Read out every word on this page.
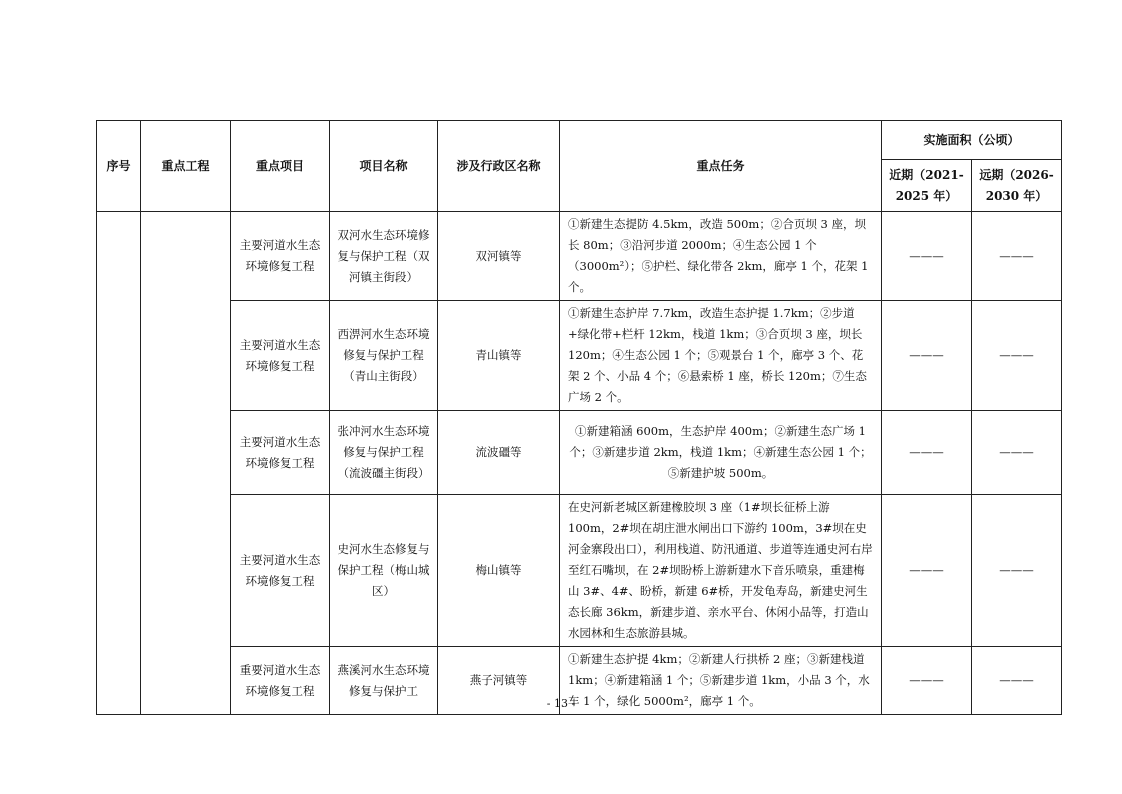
序号	重点工程	重点项目	项目名称	涉及行政区名称	重点任务	实施面积（公顷）	
						近期（2021-2025 年）	远期（2026-2030 年）
		主要河道水生态环境修复工程	双河水生态环境修复与保护工程（双河镇主街段）	双河镇等	①新建生态提防 4.5km，改造 500m；②合页坝 3 座，坝长 80m；③沿河步道 2000m；④生态公园 1 个（3000m²）；⑤护栏、绿化带各 2km，廊亭 1 个，花架 1 个。	———	———
		主要河道水生态环境修复工程	西淠河水生态环境修复与保护工程（青山主街段）	青山镇等	①新建生态护岸 7.7km，改造生态护提 1.7km；②步道+绿化带+栏杆 12km，栈道 1km；③合页坝 3 座，坝长 120m；④生态公园 1 个；⑤观景台 1 个，廊亭 3 个、花架 2 个、小品 4 个；⑥悬索桥 1 座，桥长 120m；⑦生态广场 2 个。	———	———
		主要河道水生态环境修复工程	张冲河水生态环境修复与保护工程（流波礓主街段）	流波礓等	①新建箱涵 600m，生态护岸 400m；②新建生态广场 1 个；③新建步道 2km，栈道 1km；④新建生态公园 1 个；⑤新建护坡 500m。	———	———
		主要河道水生态环境修复工程	史河水生态修复与保护工程（梅山城区）	梅山镇等	在史河新老城区新建橡胶坝 3 座（1#坝长征桥上游 100m，2#坝在胡庄泄水闸出口下游约 100m，3#坝在史河金寨段出口），利用栈道、防汛通道、步道等连通史河右岸至红石嘴坝，在 2#坝盼桥上游新建水下音乐喷泉，重建梅山 3#、4#、盼桥，新建 6#桥，开发龟寿岛，新建史河生态长廊 36km，新建步道、亲水平台、休闲小品等，打造山水园林和生态旅游县城。	———	———
		重要河道水生态环境修复工程	燕溪河水生态环境修复与保护工	燕子河镇等	①新建生态护提 4km；②新建人行拱桥 2 座；③新建栈道 1km；④新建箱涵 1 个；⑤新建步道 1km，小品 3 个，水车 1 个，绿化 5000m²，廊亭 1 个。	———	———
- 13 -
